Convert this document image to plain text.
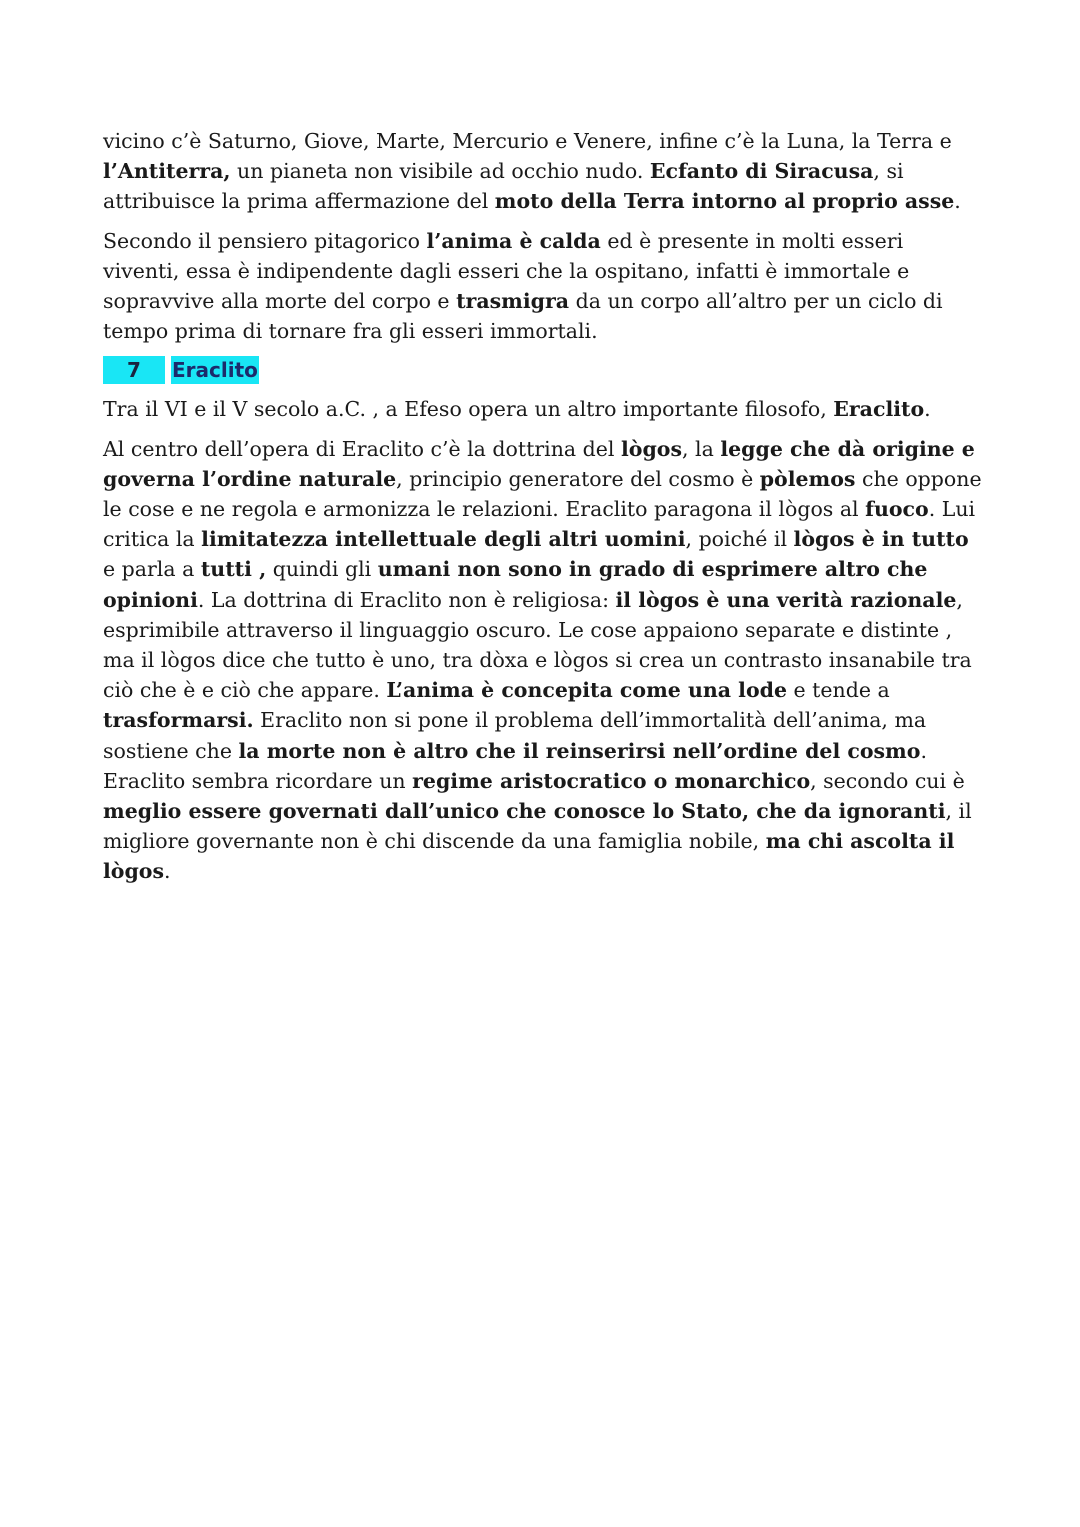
vicino c’è Saturno, Giove, Marte, Mercurio e Venere, infine c’è la Luna, la Terra e l’Antiterra, un pianeta non visibile ad occhio nudo. Ecfanto di Siracusa, si attribuisce la prima affermazione del moto della Terra intorno al proprio asse.

Secondo il pensiero pitagorico l’anima è calda ed è presente in molti esseri viventi, essa è indipendente dagli esseri che la ospitano, infatti è immortale e sopravvive alla morte del corpo e trasmigra da un corpo all’altro per un ciclo di tempo prima di tornare fra gli esseri immortali.

7	Eraclito

Tra il VI e il V secolo a.C. , a Efeso opera un altro importante filosofo, Eraclito.

Al centro dell’opera di Eraclito c’è la dottrina del lògos, la legge che dà origine e governa l’ordine naturale, principio generatore del cosmo è pòlemos che oppone le cose e ne regola e armonizza le relazioni. Eraclito paragona il lògos al fuoco. Lui critica la limitatezza intellettuale degli altri uomini, poiché il lògos è in tutto e parla a tutti , quindi gli umani non sono in grado di esprimere altro che opinioni. La dottrina di Eraclito non è religiosa: il lògos è una verità razionale, esprimibile attraverso il linguaggio oscuro. Le cose appaiono separate e distinte , ma il lògos dice che tutto è uno, tra dòxa e lògos si crea un contrasto insanabile tra ciò che è e ciò che appare. L’anima è concepita come una lode e tende a trasformarsi. Eraclito non si pone il problema dell’immortalità dell’anima, ma sostiene che la morte non è altro che il reinserirsi nell’ordine del cosmo. Eraclito sembra ricordare un regime aristocratico o monarchico, secondo cui è meglio essere governati dall’unico che conosce lo Stato, che da ignoranti, il migliore governante non è chi discende da una famiglia nobile, ma chi ascolta il lògos.
